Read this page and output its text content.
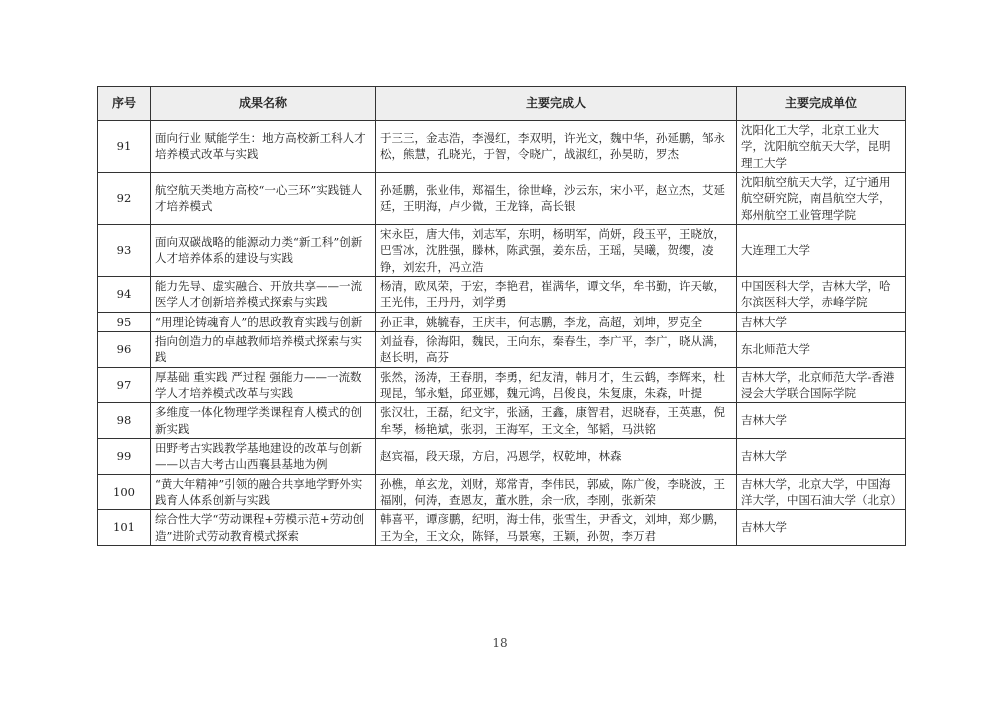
序号	成果名称	主要完成人	主要完成单位
91	面向行业 赋能学生：地方高校新工科人才培养模式改革与实践	于三三，金志浩，李漫红，李双明，许光文，魏中华，孙延鹏，邹永松，熊慧，孔晓光，于智，令晓广，战淑红，孙昊昉，罗杰	沈阳化工大学，北京工业大学，沈阳航空航天大学，昆明理工大学
92	航空航天类地方高校“一心三环”实践链人才培养模式	孙延鹏，张业伟，郑福生，徐世峰，沙云东，宋小平，赵立杰，艾延廷，王明海，卢少微，王龙锋，高长银	沈阳航空航天大学，辽宁通用航空研究院，南昌航空大学，郑州航空工业管理学院
93	面向双碳战略的能源动力类“新工科”创新人才培养体系的建设与实践	宋永臣，唐大伟，刘志军，东明，杨明军，尚妍，段玉平，王晓放，巴雪冰，沈胜强，滕林，陈武强，姜东岳，王瑶，吴曦，贺缨，凌铮，刘宏升，冯立浩	大连理工大学
94	能力先导、虚实融合、开放共享——一流医学人才创新培养模式探索与实践	杨清，欧凤荣，于宏，李艳君，崔满华，谭文华，牟书勤，许天敏，王光伟，王丹丹，刘学勇	中国医科大学，吉林大学，哈尔滨医科大学，赤峰学院
95	“用理论铸魂育人”的思政教育实践与创新	孙正聿，姚毓春，王庆丰，何志鹏，李龙，高超，刘坤，罗克全	吉林大学
96	指向创造力的卓越教师培养模式探索与实践	刘益春，徐海阳，魏民，王向东，秦春生，李广平，李广，晓从满，赵长明，高芬	东北师范大学
97	厚基础 重实践 严过程 强能力——一流数学人才培养模式改革与实践	张然，汤涛，王春朋，李勇，纪友清，韩月才，生云鹤，李辉来，杜现昆，邹永魁，邱亚娜，魏元鸿，吕俊良，朱复康，朱森，叶提	吉林大学，北京师范大学-香港浸会大学联合国际学院
98	多维度一体化物理学类课程育人模式的创新实践	张汉壮，王磊，纪文宇，张涵，王鑫，康智君，迟晓春，王英惠，倪牟琴，杨艳斌，张羽，王海军，王文全，邹韬，马洪铭	吉林大学
99	田野考古实践教学基地建设的改革与创新——以吉大考古山西襄县基地为例	赵宾福，段天璟，方启，冯恩学，权乾坤，林森	吉林大学
100	“黄大年精神”引领的融合共享地学野外实践育人体系创新与实践	孙樵，单玄龙，刘财，郑常青，李伟民，郭威，陈广俊，李晓波，王福刚，何涛，查恩友，董水胜，余一欣，李刚，张新荣	吉林大学，北京大学，中国海洋大学，中国石油大学（北京）
101	综合性大学“劳动课程+劳模示范+劳动创造”进阶式劳动教育模式探索	韩喜平，谭彦鹏，纪明，海士伟，张雪生，尹香文，刘坤，郑少鹏，王为全，王文众，陈铎，马景寒，王颖，孙贺，李万君	吉林大学
18
